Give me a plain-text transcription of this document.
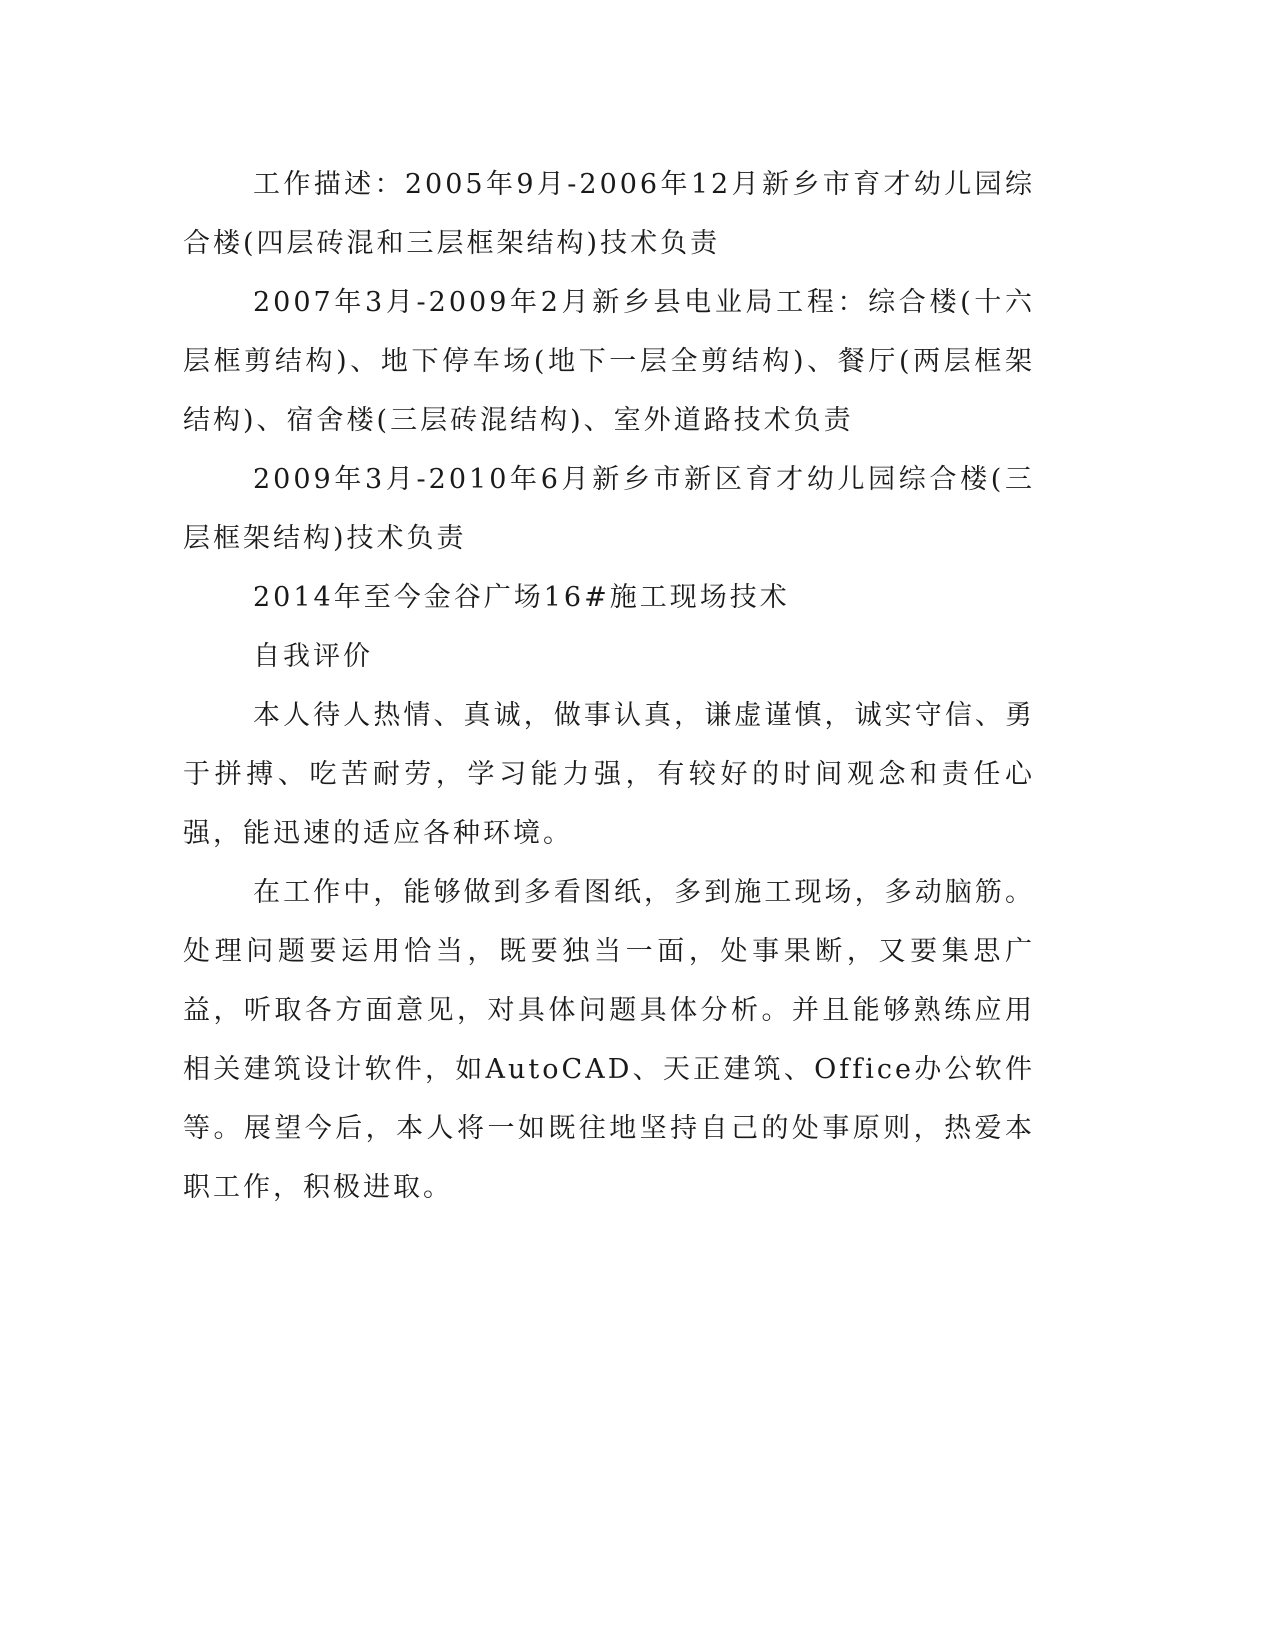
工作描述：2005年9月-2006年12月新乡市育才幼儿园综合楼(四层砖混和三层框架结构)技术负责

2007年3月-2009年2月新乡县电业局工程：综合楼(十六层框剪结构)、地下停车场(地下一层全剪结构)、餐厅(两层框架结构)、宿舍楼(三层砖混结构)、室外道路技术负责

2009年3月-2010年6月新乡市新区育才幼儿园综合楼(三层框架结构)技术负责

2014年至今金谷广场16#施工现场技术

自我评价

本人待人热情、真诚，做事认真，谦虚谨慎，诚实守信、勇于拼搏、吃苦耐劳，学习能力强，有较好的时间观念和责任心强，能迅速的适应各种环境。

在工作中，能够做到多看图纸，多到施工现场，多动脑筋。处理问题要运用恰当，既要独当一面，处事果断，又要集思广益，听取各方面意见，对具体问题具体分析。并且能够熟练应用相关建筑设计软件，如AutoCAD、天正建筑、Office办公软件等。展望今后，本人将一如既往地坚持自己的处事原则，热爱本职工作，积极进取。
